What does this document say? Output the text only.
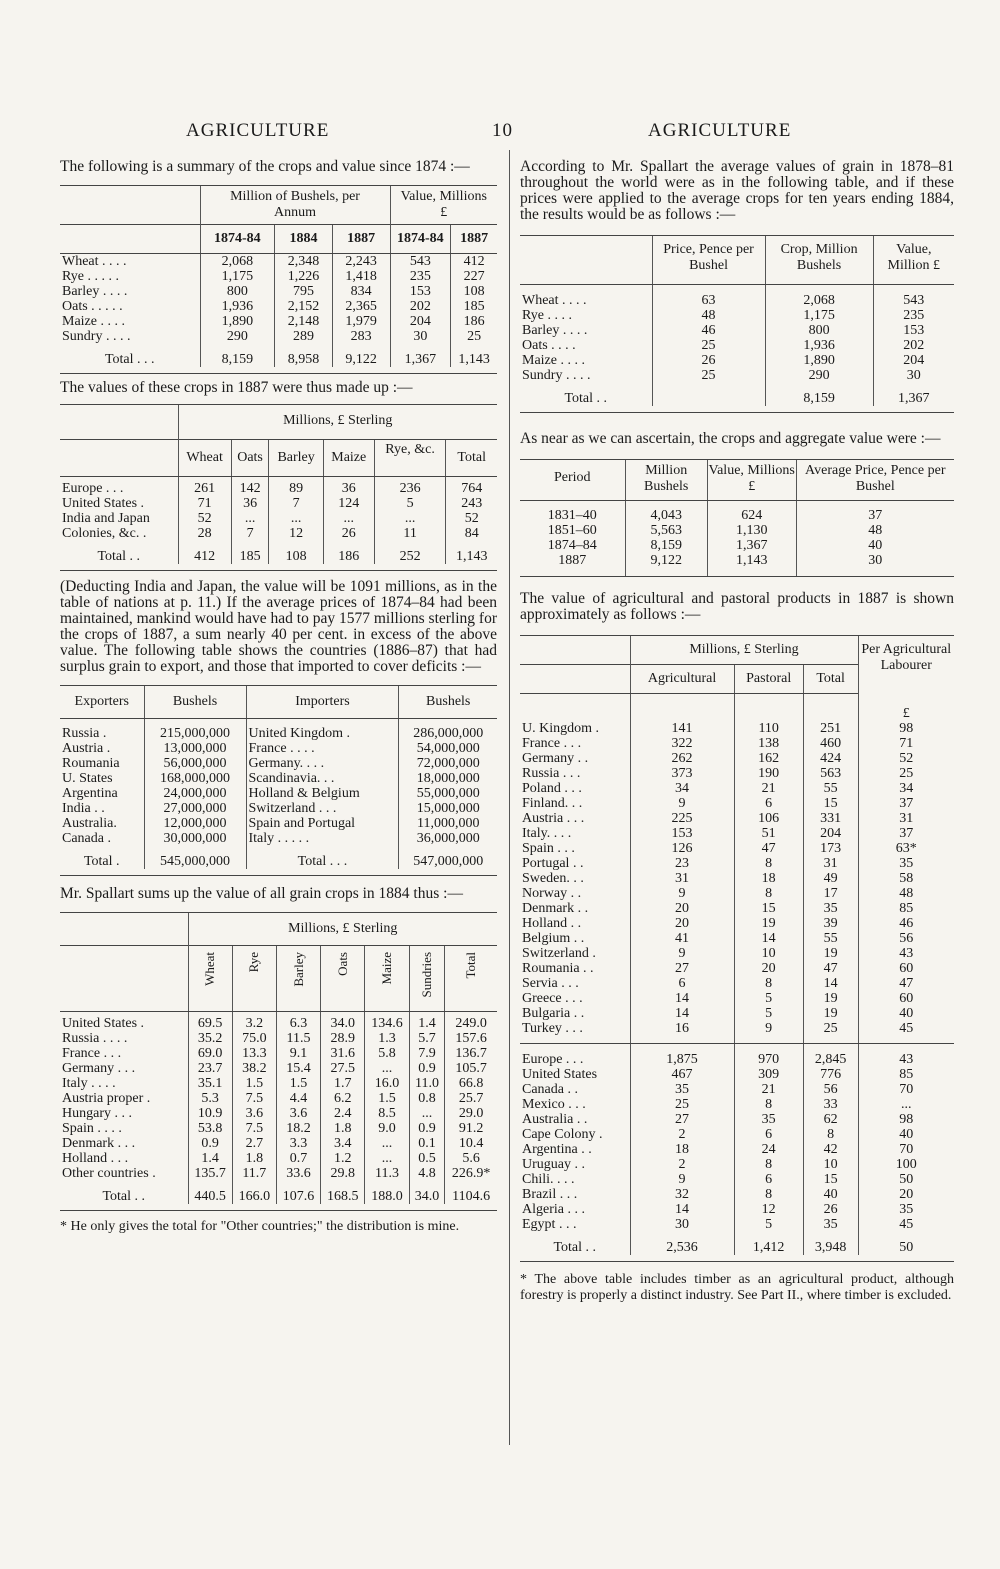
AGRICULTURE	10	AGRICULTURE

The following is a summary of the crops and value since 1874 :—

	Million of Bushels, per Annum			Value, Millions £	
	1874-84	1884	1887	1874-84	1887
Wheat . . . .	2,068	2,348	2,243	543	412
Rye . . . . .	1,175	1,226	1,418	235	227
Barley . . . .	800	795	834	153	108
Oats . . . . .	1,936	2,152	2,365	202	185
Maize . . . .	1,890	2,148	1,979	204	186
Sundry . . . .	290	289	283	30	25

Total . . .	8,159	8,958	9,122	1,367	1,143

The values of these crops in 1887 were thus made up :—

	Millions, £ Sterling					
	Wheat	Oats	Barley	Maize	Rye, &c.	Total

Europe . . .	261	142	89	36	236	764
United States .	71	36	7	124	5	243
India and Japan	52	...	...	...	...	52
Colonies, &c. .	28	7	12	26	11	84

Total . .	412	185	108	186	252	1,143

(Deducting India and Japan, the value will be 1091 millions, as in the table of nations at p. 11.) If the average prices of 1874–84 had been maintained, mankind would have had to pay 1577 millions sterling for the crops of 1887, a sum nearly 40 per cent. in excess of the above value. The following table shows the countries (1886–87) that had surplus grain to export, and those that imported to cover deficits :—

Exporters	Bushels	Importers	Bushels

Russia .	215,000,000	United Kingdom .	286,000,000
Austria .	13,000,000	France . . . .	54,000,000
Roumania	56,000,000	Germany. . . .	72,000,000
U. States	168,000,000	Scandinavia. . .	18,000,000
Argentina	24,000,000	Holland & Belgium	55,000,000
India . .	27,000,000	Switzerland . . .	15,000,000
Australia.	12,000,000	Spain and Portugal	11,000,000
Canada .	30,000,000	Italy . . . . .	36,000,000

Total .	545,000,000	Total . . .	547,000,000

Mr. Spallart sums up the value of all grain crops in 1884 thus :—

	Millions, £ Sterling						
	Wheat	Rye	Barley	Oats	Maize	Sundries	Total

United States .	69.5	3.2	6.3	34.0	134.6	1.4	249.0
Russia . . . .	35.2	75.0	11.5	28.9	1.3	5.7	157.6
France . . .	69.0	13.3	9.1	31.6	5.8	7.9	136.7
Germany . . .	23.7	38.2	15.4	27.5	...	0.9	105.7
Italy . . . .	35.1	1.5	1.5	1.7	16.0	11.0	66.8
Austria proper .	5.3	7.5	4.4	6.2	1.5	0.8	25.7
Hungary . . .	10.9	3.6	3.6	2.4	8.5	...	29.0
Spain . . . .	53.8	7.5	18.2	1.8	9.0	0.9	91.2
Denmark . . .	0.9	2.7	3.3	3.4	...	0.1	10.4
Holland . . .	1.4	1.8	0.7	1.2	...	0.5	5.6
Other countries .	135.7	11.7	33.6	29.8	11.3	4.8	226.9*

Total . .	440.5	166.0	107.6	168.5	188.0	34.0	1104.6

* He only gives the total for "Other countries;" the distribution is mine.

According to Mr. Spallart the average values of grain in 1878–81 throughout the world were as in the following table, and if these prices were applied to the average crops for ten years ending 1884, the results would be as follows :—

	Price, Pence per Bushel	Crop, Million Bushels	Value, Million £

Wheat . . . .	63	2,068	543
Rye . . . .	48	1,175	235
Barley . . . .	46	800	153
Oats . . . .	25	1,936	202
Maize . . . .	26	1,890	204
Sundry . . . .	25	290	30

Total . .		8,159	1,367

As near as we can ascertain, the crops and aggregate value were :—

Period	Million Bushels	Value, Millions £	Average Price, Pence per Bushel

1831–40	4,043	624	37
1851–60	5,563	1,130	48
1874–84	8,159	1,367	40
1887	9,122	1,143	30

The value of agricultural and pastoral products in 1887 is shown approximately as follows :—

	Millions, £ Sterling			Per Agricultural Labourer
	Agricultural	Pastoral	Total	
				£
U. Kingdom .	141	110	251	98
France . . .	322	138	460	71
Germany . .	262	162	424	52
Russia . . .	373	190	563	25
Poland . . .	34	21	55	34
Finland. . .	9	6	15	37
Austria . . .	225	106	331	31
Italy. . . .	153	51	204	37
Spain . . .	126	47	173	63*
Portugal . .	23	8	31	35
Sweden. . .	31	18	49	58
Norway . .	9	8	17	48
Denmark . .	20	15	35	85
Holland . .	20	19	39	46
Belgium . .	41	14	55	56
Switzerland .	9	10	19	43
Roumania . .	27	20	47	60
Servia . . .	6	8	14	47
Greece . . .	14	5	19	60
Bulgaria . .	14	5	19	40
Turkey . . .	16	9	25	45

Europe . . .	1,875	970	2,845	43
United States	467	309	776	85
Canada . .	35	21	56	70
Mexico . . .	25	8	33	...
Australia . .	27	35	62	98
Cape Colony .	2	6	8	40
Argentina . .	18	24	42	70
Uruguay . .	2	8	10	100
Chili. . . .	9	6	15	50
Brazil . . .	32	8	40	20
Algeria . . .	14	12	26	35
Egypt . . .	30	5	35	45

Total . .	2,536	1,412	3,948	50

* The above table includes timber as an agricultural product, although forestry is properly a distinct industry. See Part II., where timber is excluded.
